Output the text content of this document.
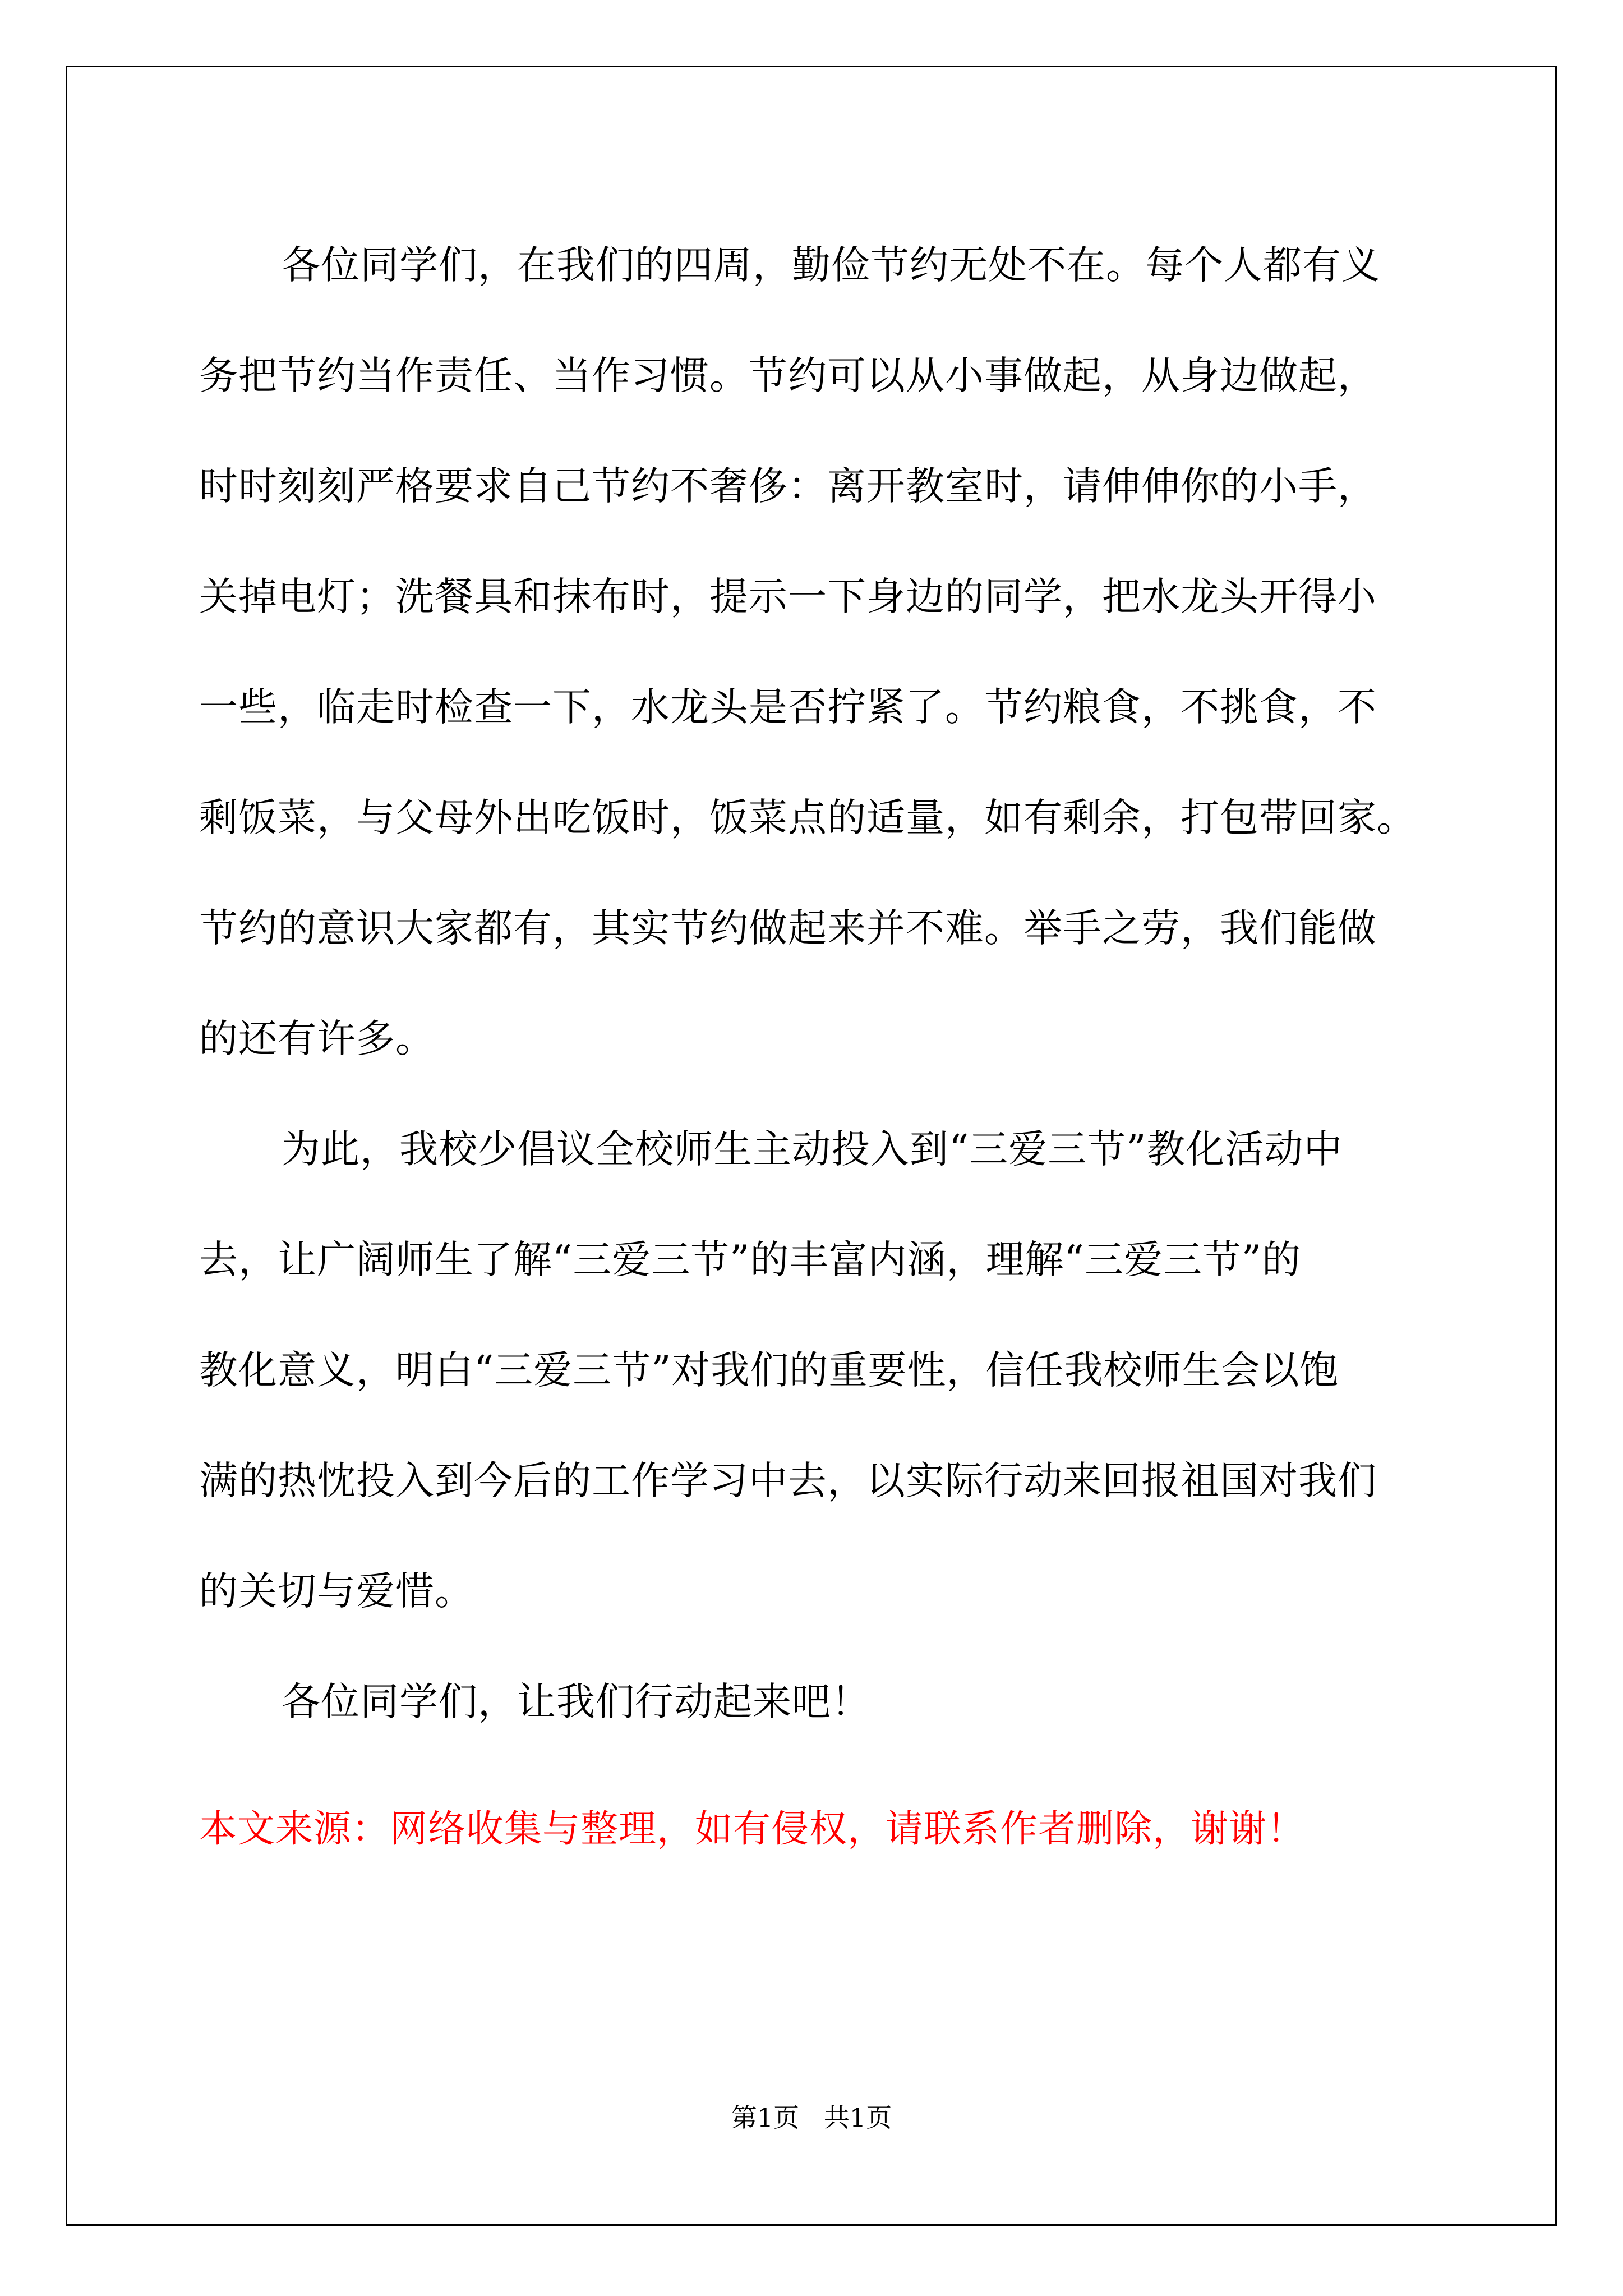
各位同学们，在我们的四周，勤俭节约无处不在。每个人都有义
务把节约当作责任、当作习惯。节约可以从小事做起，从身边做起，
时时刻刻严格要求自己节约不奢侈：离开教室时，请伸伸你的小手，
关掉电灯；洗餐具和抹布时，提示一下身边的同学，把水龙头开得小
一些，临走时检查一下，水龙头是否拧紧了。节约粮食，不挑食，不
剩饭菜，与父母外出吃饭时，饭菜点的适量，如有剩余，打包带回家。
节约的意识大家都有，其实节约做起来并不难。举手之劳，我们能做
的还有许多。
为此，我校少倡议全校师生主动投入到“三爱三节”教化活动中
去，让广阔师生了解“三爱三节”的丰富内涵，理解“三爱三节”的
教化意义，明白“三爱三节”对我们的重要性，信任我校师生会以饱
满的热忱投入到今后的工作学习中去，以实际行动来回报祖国对我们
的关切与爱惜。
各位同学们，让我们行动起来吧！
本文来源：网络收集与整理，如有侵权，请联系作者删除，谢谢！
第1页   共1页
